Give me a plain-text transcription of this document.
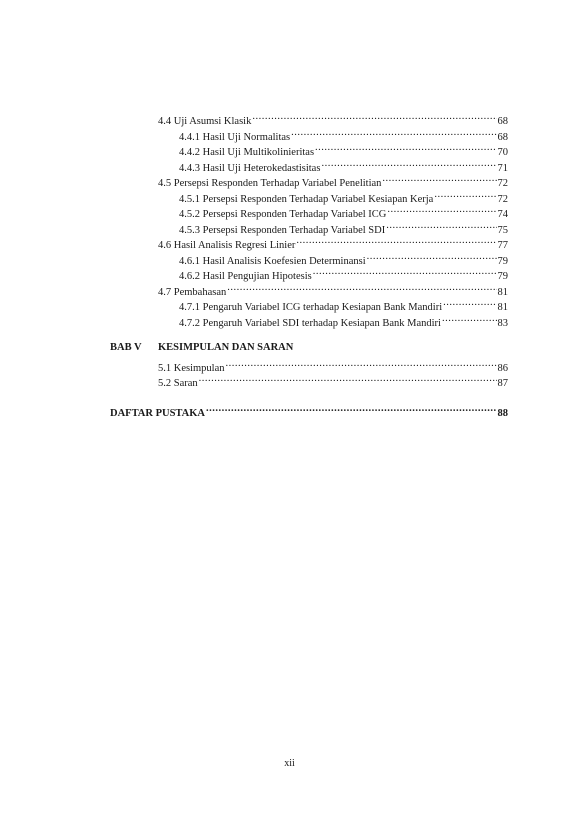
4.4 Uji Asumsi Klasik .....	68
4.4.1 Hasil Uji Normalitas .....	68
4.4.2 Hasil Uji Multikolinieritas .....	70
4.4.3 Hasil Uji Heterokedastisitas .....	71
4.5 Persepsi Responden Terhadap Variabel Penelitian .....	72
4.5.1 Persepsi Responden Terhadap Variabel Kesiapan Kerja .....	72
4.5.2 Persepsi Responden Terhadap Variabel ICG .....	74
4.5.3 Persepsi Responden Terhadap Variabel SDI .....	75
4.6 Hasil Analisis Regresi Linier .....	77
4.6.1 Hasil Analisis Koefesien Determinansi .....	79
4.6.2 Hasil Pengujian Hipotesis .....	79
4.7 Pembahasan .....	81
4.7.1 Pengaruh Variabel ICG terhadap Kesiapan Bank Mandiri .....	81
4.7.2 Pengaruh Variabel SDI terhadap Kesiapan Bank Mandiri .....	83
BAB V KESIMPULAN DAN SARAN
5.1 Kesimpulan .....	86
5.2 Saran .....	87
DAFTAR PUSTAKA .....	88
xii
